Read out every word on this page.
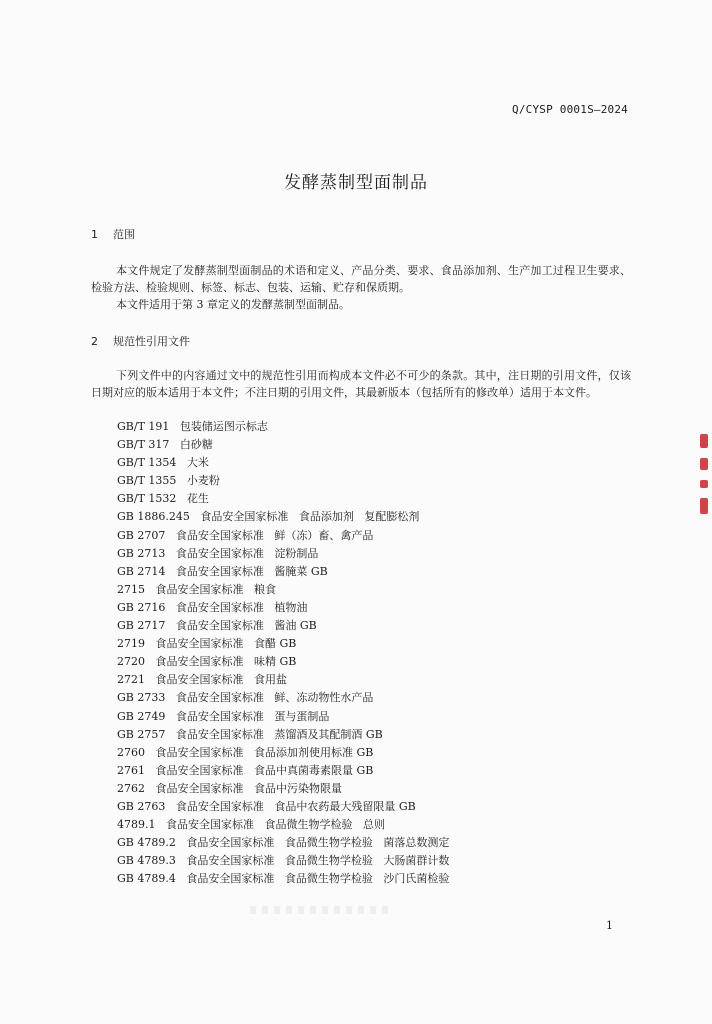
Q/CYSP 0001S—2024
发酵蒸制型面制品
1 范围

本文件规定了发酵蒸制型面制品的术语和定义、产品分类、要求、食品添加剂、生产加工过程卫生要求、检验方法、检验规则、标签、标志、包装、运输、贮存和保质期。

本文件适用于第 3 章定义的发酵蒸制型面制品。

2 规范性引用文件

下列文件中的内容通过文中的规范性引用而构成本文件必不可少的条款。其中，注日期的引用文件，仅该日期对应的版本适用于本文件；不注日期的引用文件，其最新版本（包括所有的修改单）适用于本文件。

GB/T 191   包装储运图示标志
GB/T 317   白砂糖
GB/T 1354   大米
GB/T 1355   小麦粉
GB/T 1532   花生
GB 1886.245   食品安全国家标准   食品添加剂   复配膨松剂
GB 2707   食品安全国家标准   鲜（冻）畜、禽产品
GB 2713   食品安全国家标准   淀粉制品
GB 2714   食品安全国家标准   酱腌菜 GB
2715   食品安全国家标准   粮食
GB 2716   食品安全国家标准   植物油
GB 2717   食品安全国家标准   酱油 GB
2719   食品安全国家标准   食醋 GB
2720   食品安全国家标准   味精 GB
2721   食品安全国家标准   食用盐
GB 2733   食品安全国家标准   鲜、冻动物性水产品
GB 2749   食品安全国家标准   蛋与蛋制品
GB 2757   食品安全国家标准   蒸馏酒及其配制酒 GB
2760   食品安全国家标准   食品添加剂使用标准 GB
2761   食品安全国家标准   食品中真菌毒素限量 GB
2762   食品安全国家标准   食品中污染物限量
GB 2763   食品安全国家标准   食品中农药最大残留限量 GB
4789.1   食品安全国家标准   食品微生物学检验   总则
GB 4789.2   食品安全国家标准   食品微生物学检验   菌落总数测定
GB 4789.3   食品安全国家标准   食品微生物学检验   大肠菌群计数
GB 4789.4   食品安全国家标准   食品微生物学检验   沙门氏菌检验
1
